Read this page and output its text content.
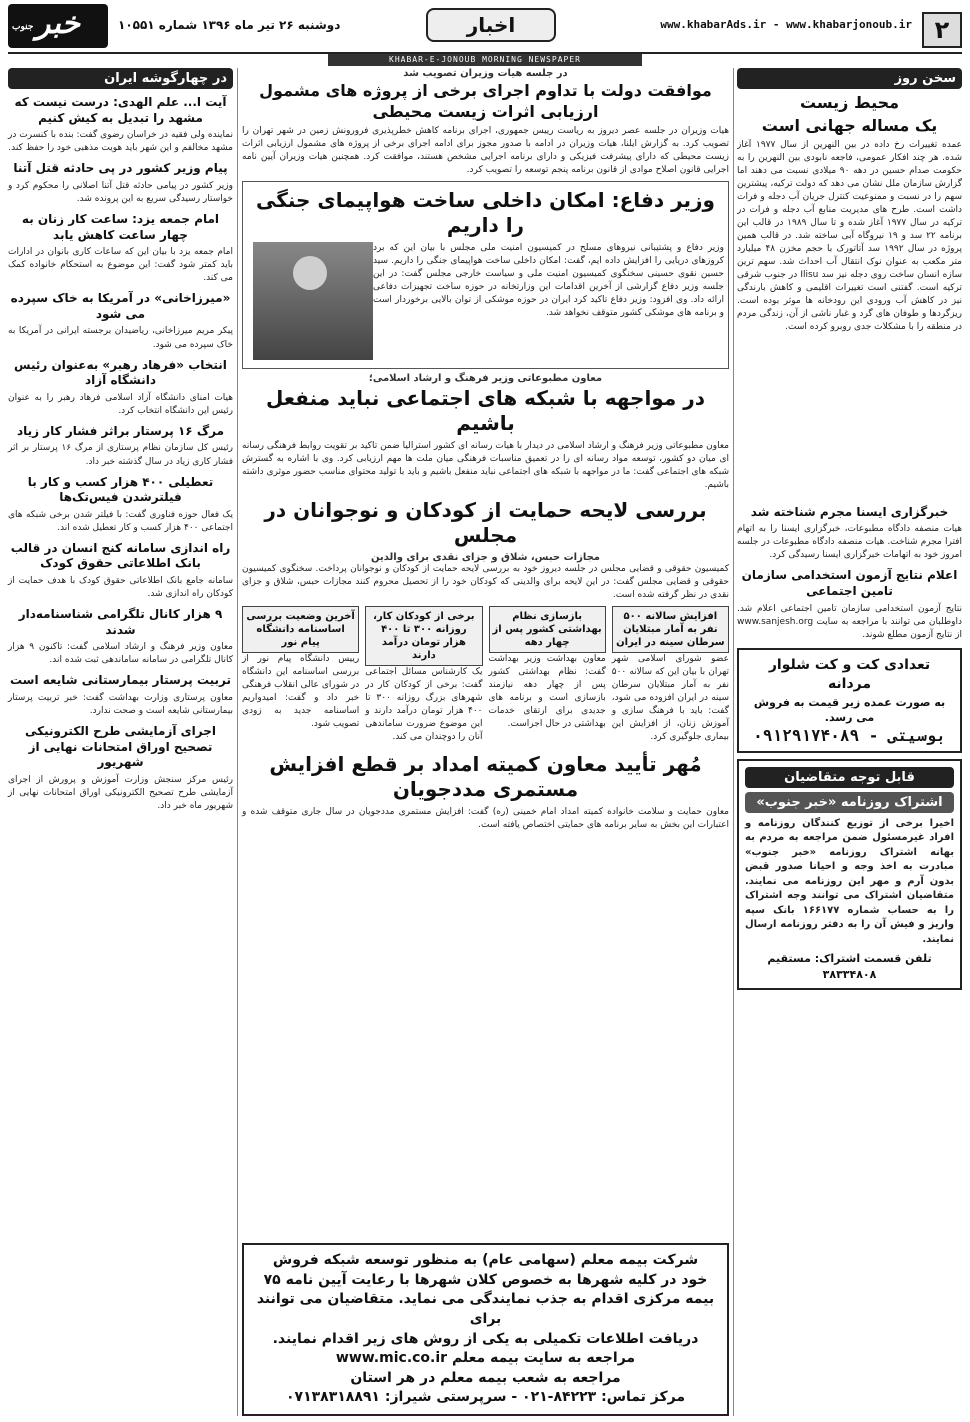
۲
www.khabarAds.ir - www.khabarjonoub.ir
اخبار
دوشنبه ۲۶ تیر ماه ۱۳۹۶ شماره ۱۰۵۵۱
خبر
جنوب
KHABAR-E-JONOUB MORNING NEWSPAPER
سخن روز
محیط زیست
یک مساله جهانی است

عمده تغییرات رخ داده در بین النهرین از سال ۱۹۷۷ آغاز شده. هر چند افکار عمومی، فاجعه نابودی بین النهرین را به حکومت صدام حسین در دهه ۹۰ میلادی نسبت می دهند اما گزارش سازمان ملل نشان می دهد که دولت ترکیه، پیشترین سهم را در نسبت و ممنوعیت کنترل جریان آب دجله و فرات داشت است. طرح های مدیریت منابع آب دجله و فرات در ترکیه در سال ۱۹۷۷ آغاز شده و تا سال ۱۹۸۹ در قالب این برنامه ۲۲ سد و ۱۹ نیروگاه آبی ساخته شد. در قالب همین پروژه در سال ۱۹۹۲ سد آتاتورک با حجم مخزن ۴۸ میلیارد متر مکعب به عنوان نوک انتقال آب احداث شد. سهم ترین سازه انسان ساخت روی دجله نیز سد Ilisu در جنوب شرقی ترکیه است. گفتنی است تغییرات اقلیمی و کاهش بارندگی نیز در کاهش آب ورودی این رودخانه ها موثر بوده است. ریزگردها و طوفان های گرد و غبار ناشی از آن، زندگی مردم در منطقه را با مشکلات جدی روبرو کرده است.

خبرگزاری ایسنا مجرم شناخته شد

هیات منصفه دادگاه مطبوعات، خبرگزاری ایسنا را به اتهام افترا مجرم شناخت. هیات منصفه دادگاه مطبوعات در جلسه امروز خود به اتهامات خبرگزاری ایسنا رسیدگی کرد.

اعلام نتایج آزمون استخدامی سازمان تامین اجتماعی

نتایج آزمون استخدامی سازمان تامین اجتماعی اعلام شد. داوطلبان می توانند با مراجعه به سایت www.sanjesh.org از نتایج آزمون مطلع شوند.

تعدادی کت و کت شلوار مردانه
به صورت عمده زیر قیمت به فروش می رسد.
۰۹۱۲۹۱۷۴۰۸۹ - بوسیتی
قابل توجه متقاضیان
اشتراک روزنامه «خبر جنوب»

اخیرا برخی از توزیع کنندگان روزنامه و افراد غیرمسئول ضمن مراجعه به مردم به بهانه اشتراک روزنامه «خبر جنوب» مبادرت به اخذ وجه و احیانا صدور قبض بدون آرم و مهر این روزنامه می نمایند. متقاضیان اشتراک می توانند وجه اشتراک را به حساب شماره ۱۶۶۱۷۷ بانک سپه واریز و فیش آن را به دفتر روزنامه ارسال نمایند.

تلفن قسمت اشتراک: مستقیم ۳۸۳۳۴۸۰۸
در جلسه هیات وزیران تصویب شد
موافقت دولت با تداوم اجرای برخی از پروژه های مشمول ارزیابی اثرات زیست محیطی

هیات وزیران در جلسه عصر دیروز به ریاست رییس جمهوری، اجرای برنامه کاهش خطرپذیری فرورونش زمین در شهر تهران را تصویب کرد. به گزارش ایلنا، هیات وزیران در ادامه با صدور مجوز برای ادامه اجرای برخی از پروژه های مشمول ارزیابی اثرات زیست محیطی که دارای پیشرفت فیزیکی و دارای برنامه اجرایی مشخص هستند، موافقت کرد. همچنین هیات وزیران آیین نامه اجرایی قانون اصلاح موادی از قانون برنامه پنجم توسعه را تصویب کرد.

وزیر دفاع: امکان داخلی ساخت هواپیمای جنگی را داریم

وزیر دفاع و پشتیبانی نیروهای مسلح در کمیسیون امنیت ملی مجلس با بیان این که برد کروزهای دریایی را افزایش داده ایم، گفت: امکان داخلی ساخت هواپیمای جنگی را داریم. سید حسین نقوی حسینی سخنگوی کمیسیون امنیت ملی و سیاست خارجی مجلس گفت: در این جلسه وزیر دفاع گزارشی از آخرین اقدامات این وزارتخانه در حوزه ساخت تجهیزات دفاعی ارائه داد. وی افزود: وزیر دفاع تاکید کرد ایران در حوزه موشکی از توان بالایی برخوردار است و برنامه های موشکی کشور متوقف نخواهد شد.

معاون مطبوعاتی وزیر فرهنگ و ارشاد اسلامی؛
در مواجهه با شبکه های اجتماعی نباید منفعل باشیم

معاون مطبوعاتی وزیر فرهنگ و ارشاد اسلامی در دیدار با هیات رسانه ای کشور استرالیا ضمن تاکید بر تقویت روابط فرهنگی رسانه ای میان دو کشور، توسعه مواد رسانه ای را در تعمیق مناسبات فرهنگی میان ملت ها مهم ارزیابی کرد. وی با اشاره به گسترش شبکه های اجتماعی گفت: ما در مواجهه با شبکه های اجتماعی نباید منفعل باشیم و باید با تولید محتوای مناسب حضور موثری داشته باشیم.

بررسی لایحه حمایت از کودکان و نوجوانان در مجلس
مجازات حبس، شلاق و جزای نقدی برای والدین

کمیسیون حقوقی و قضایی مجلس در جلسه دیروز خود به بررسی لایحه حمایت از کودکان و نوجوانان پرداخت. سخنگوی کمیسیون حقوقی و قضایی مجلس گفت: در این لایحه برای والدینی که کودکان خود را از تحصیل محروم کنند مجازات حبس، شلاق و جزای نقدی در نظر گرفته شده است.

افزایش سالانه ۵۰۰ نفر به آمار مبتلایان سرطان سینه در ایران

عضو شورای اسلامی شهر تهران با بیان این که سالانه ۵۰۰ نفر به آمار مبتلایان سرطان سینه در ایران افزوده می شود، گفت: باید با فرهنگ سازی و آموزش زنان، از افزایش این بیماری جلوگیری کرد.

بازسازی نظام بهداشتی کشور پس از چهار دهه

معاون بهداشت وزیر بهداشت گفت: نظام بهداشتی کشور پس از چهار دهه نیازمند بازسازی است و برنامه های جدیدی برای ارتقای خدمات بهداشتی در حال اجراست.

برخی از کودکان کار، روزانه ۳۰۰ تا ۴۰۰ هزار تومان درآمد دارند

یک کارشناس مسائل اجتماعی گفت: برخی از کودکان کار در شهرهای بزرگ روزانه ۳۰۰ تا ۴۰۰ هزار تومان درآمد دارند و این موضوع ضرورت ساماندهی آنان را دوچندان می کند.

آخرین وضعیت بررسی اساسنامه دانشگاه پیام نور

رییس دانشگاه پیام نور از بررسی اساسنامه این دانشگاه در شورای عالی انقلاب فرهنگی خبر داد و گفت: امیدواریم اساسنامه جدید به زودی تصویب شود.

مُهر تأیید معاون کمیته امداد بر قطع افزایش مستمری مددجویان

معاون حمایت و سلامت خانواده کمیته امداد امام خمینی (ره) گفت: افزایش مستمری مددجویان در سال جاری متوقف شده و اعتبارات این بخش به سایر برنامه های حمایتی اختصاص یافته است.

شرکت بیمه معلم (سهامی عام) به منظور توسعه شبکه فروش
خود در کلیه شهرها به خصوص کلان شهرها با رعایت آیین نامه ۷۵
بیمه مرکزی اقدام به جذب نمایندگی می نماید. متقاضیان می توانند برای
دریافت اطلاعات تکمیلی به یکی از روش های زیر اقدام نمایند.
مراجعه به سایت بیمه معلم www.mic.co.ir
مراجعه به شعب بیمه معلم در هر استان
مرکز تماس: ۸۴۲۲۳-۰۲۱ - سرپرستی شیراز: ۰۷۱۳۸۳۱۸۸۹۱
در چهارگوشه ایران
آیت ا... علم الهدی: درست نیست که مشهد را تبدیل به کیش کنیم

نماینده ولی فقیه در خراسان رضوی گفت: بنده با کنسرت در مشهد مخالفم و این شهر باید هویت مذهبی خود را حفظ کند.

پیام وزیر کشور در پی حادثه قتل آتنا

وزیر کشور در پیامی حادثه قتل آتنا اصلانی را محکوم کرد و خواستار رسیدگی سریع به این پرونده شد.

امام جمعه یزد: ساعت کار زنان به چهار ساعت کاهش یابد

امام جمعه یزد با بیان این که ساعات کاری بانوان در ادارات باید کمتر شود گفت: این موضوع به استحکام خانواده کمک می کند.

«میرزاخانی» در آمریکا به خاک سپرده می شود

پیکر مریم میرزاخانی، ریاضیدان برجسته ایرانی در آمریکا به خاک سپرده می شود.

انتخاب «فرهاد رهبر» به‌عنوان رئیس دانشگاه آزاد

هیات امنای دانشگاه آزاد اسلامی فرهاد رهبر را به عنوان رئیس این دانشگاه انتخاب کرد.

مرگ ۱۶ پرستار براثر فشار کار زیاد

رئیس کل سازمان نظام پرستاری از مرگ ۱۶ پرستار بر اثر فشار کاری زیاد در سال گذشته خبر داد.

تعطیلی ۴۰۰ هزار کسب و کار با فیلترشدن فیس‌تک‌ها

یک فعال حوزه فناوری گفت: با فیلتر شدن برخی شبکه های اجتماعی ۴۰۰ هزار کسب و کار تعطیل شده اند.

راه اندازی سامانه کنج انسان در قالب بانک اطلاعاتی حقوق کودک

سامانه جامع بانک اطلاعاتی حقوق کودک با هدف حمایت از کودکان راه اندازی شد.

۹ هزار کانال تلگرامی شناسنامه‌دار شدند

معاون وزیر فرهنگ و ارشاد اسلامی گفت: تاکنون ۹ هزار کانال تلگرامی در سامانه ساماندهی ثبت شده اند.

تربیت پرستار بیمارستانی شایعه است

معاون پرستاری وزارت بهداشت گفت: خبر تربیت پرستار بیمارستانی شایعه است و صحت ندارد.

اجرای آزمایشی طرح الکترونیکی تصحیح اوراق امتحانات نهایی از شهریور

رئیس مرکز سنجش وزارت آموزش و پرورش از اجرای آزمایشی طرح تصحیح الکترونیکی اوراق امتحانات نهایی از شهریور ماه خبر داد.
